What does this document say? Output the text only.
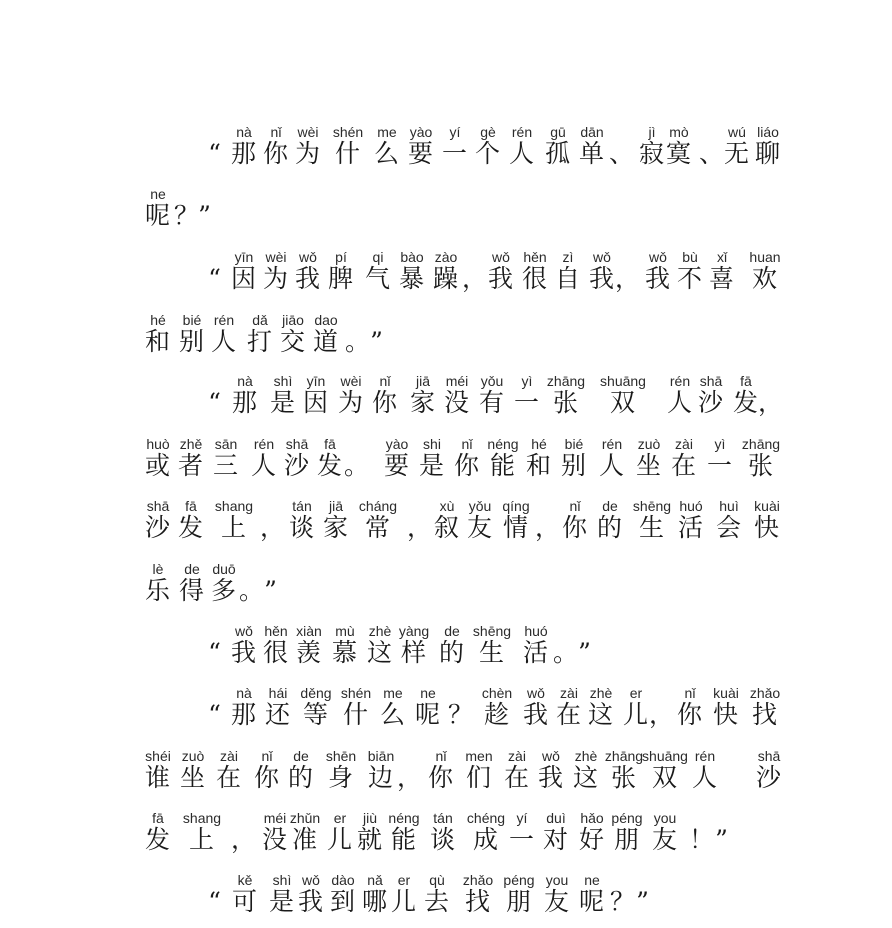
“
nà
那
nǐ
你
wèi
为
shén
什
me
么
yào
要
yí
一
gè
个
rén
人
gū
孤
dān
单 、
jì
寂
mò
寞 、
wú
无
liáo
聊
ne
呢 ？
”
“
yīn
因
wèi
为
wǒ
我
pí
脾
qi
气
bào
暴
zào
躁 ，
wǒ
我
hěn
很
zì
自
wǒ
我 ，
wǒ
我
bù
不
xǐ
喜
huan
欢
hé
和
bié
别
rén
人
dǎ
打
jiāo
交
dao
道 。 ”
“
nà
那
shì
是
yīn
因
wèi
为
nǐ
你
jiā
家
méi
没
yǒu
有
yì
一
zhāng
张
shuāng
双
rén
人
shā
沙
fā
发
，
huò
或
zhě
者
sān
三
rén
人
shā
沙
fā
发 。
yào
要
shi
是
nǐ
你
néng
能
hé
和
bié
别
rén
人
zuò
坐
zài
在
yì
一
zhāng
张
shā
沙
fā
发
shang
上 ，
tán
谈
jiā
家
cháng
常 ，
xù
叙
yǒu
友
qíng
情 ，
nǐ
你
de
的
shēng
生
huó
活
huì
会
kuài
快
lè
乐
de
得
duō
多 。 ”
“
wǒ
我
hěn
很
xiàn
羡
mù
慕
zhè
这
yàng
样
de
的
shēng
生
huó
活 。 ”
“
nà
那
hái
还
děng
等
shén
什
me
么
ne
呢 ？
chèn
趁
wǒ
我
zài
在
zhè
这
er
儿 ，
nǐ
你
kuài
快
zhǎo
找
shéi
谁
zuò
坐
zài
在
nǐ
你
de
的
shēn
身
biān
边 ，
nǐ
你
men
们
zài
在
wǒ
我
zhè
这
zhāng
张
shuāng
双
rén
人
shā
沙
fā
发
shang
上 ，
méi
没
zhǔn
准
er
儿
jiù
就
néng
能
tán
谈
chéng
成
yí
一
duì
对
hǎo
好
péng
朋
you
友 ！ ”
“
kě
可
shì
是
wǒ
我
dào
到
nǎ
哪
er
儿
qù
去
zhǎo
找
péng
朋
you
友
ne
呢 ？ ”
